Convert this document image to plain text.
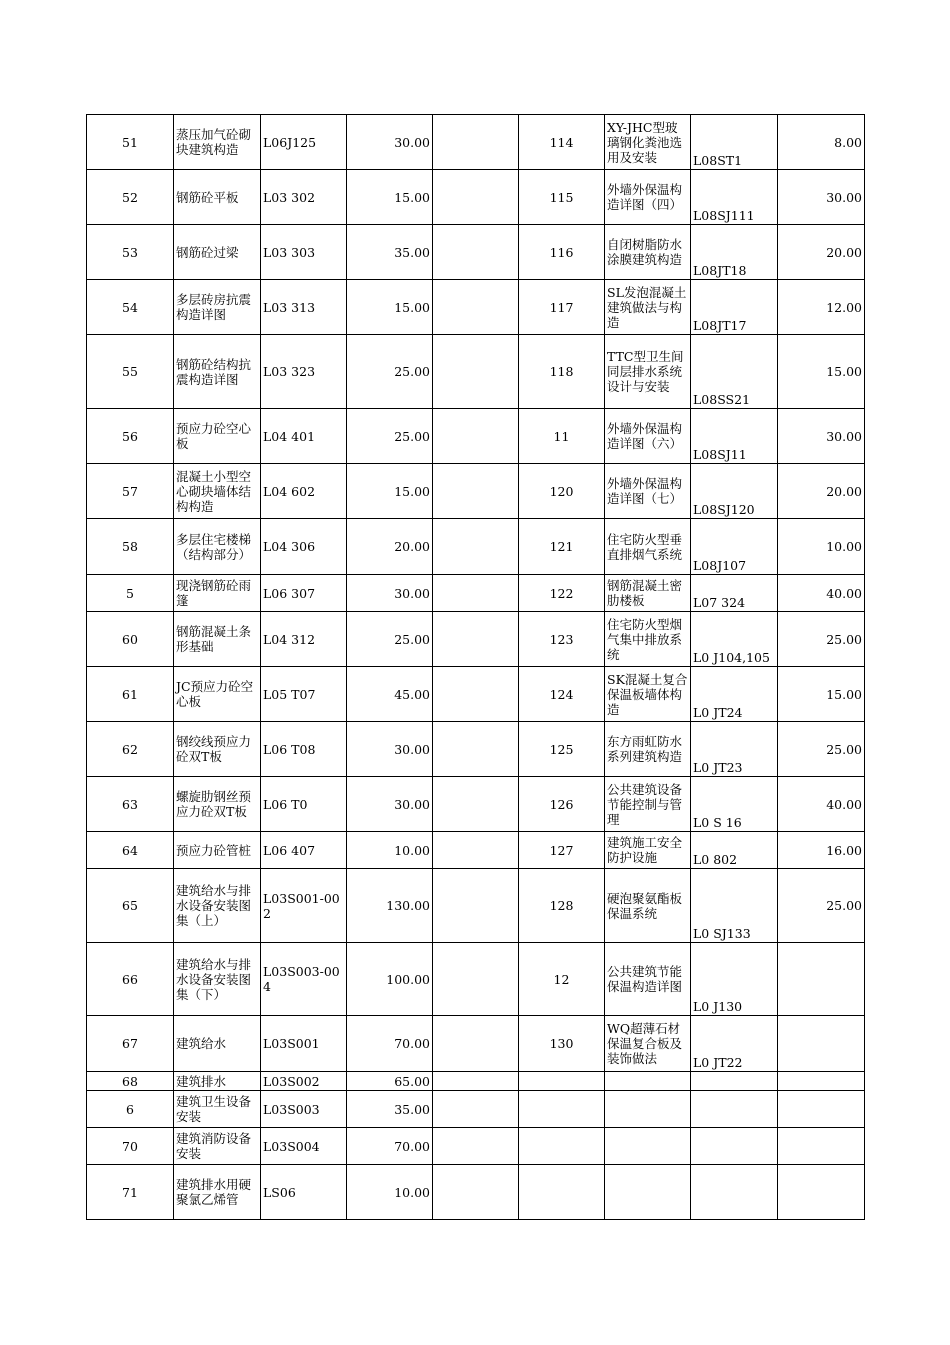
51	蒸压加气砼砌块建筑构造	L06J125	30.00		114	XY-JHC型玻璃钢化粪池选用及安装	L08ST1	8.00
52	钢筋砼平板	L03 302	15.00		115	外墙外保温构造详图（四）	L08SJ111	30.00
53	钢筋砼过梁	L03 303	35.00		116	自闭树脂防水涂膜建筑构造	L08JT18	20.00
54	多层砖房抗震构造详图	L03 313	15.00		117	SL发泡混凝土建筑做法与构造	L08JT17	12.00
55	钢筋砼结构抗震构造详图	L03 323	25.00		118	TTC型卫生间同层排水系统设计与安装	L08SS21	15.00
56	预应力砼空心板	L04 401	25.00		11	外墙外保温构造详图（六）	L08SJ11	30.00
57	混凝土小型空心砌块墙体结构构造	L04 602	15.00		120	外墙外保温构造详图（七）	L08SJ120	20.00
58	多层住宅楼梯（结构部分）	L04 306	20.00		121	住宅防火型垂直排烟气系统	L08J107	10.00
5	现浇钢筋砼雨篷	L06 307	30.00		122	钢筋混凝土密肋楼板	L07 324	40.00
60	钢筋混凝土条形基础	L04 312	25.00		123	住宅防火型烟气集中排放系统	L0 J104,105	25.00
61	JC预应力砼空心板	L05 T07	45.00		124	SK混凝土复合保温板墙体构造	L0 JT24	15.00
62	钢绞线预应力砼双T板	L06 T08	30.00		125	东方雨虹防水系列建筑构造	L0 JT23	25.00
63	螺旋肋钢丝预应力砼双T板	L06 T0	30.00		126	公共建筑设备节能控制与管理	L0 S 16	40.00
64	预应力砼管桩	L06 407	10.00		127	建筑施工安全防护设施	L0 802	16.00
65	建筑给水与排水设备安装图集（上）	L03S001-002	130.00		128	硬泡聚氨酯板保温系统	L0 SJ133	25.00
66	建筑给水与排水设备安装图集（下）	L03S003-004	100.00		12	公共建筑节能保温构造详图	L0 J130	
67	建筑给水	L03S001	70.00		130	WQ超薄石材保温复合板及装饰做法	L0 JT22	
68	建筑排水	L03S002	65.00					
6	建筑卫生设备安装	L03S003	35.00					
70	建筑消防设备安装	L03S004	70.00					
71	建筑排水用硬聚氯乙烯管	LS06	10.00					
